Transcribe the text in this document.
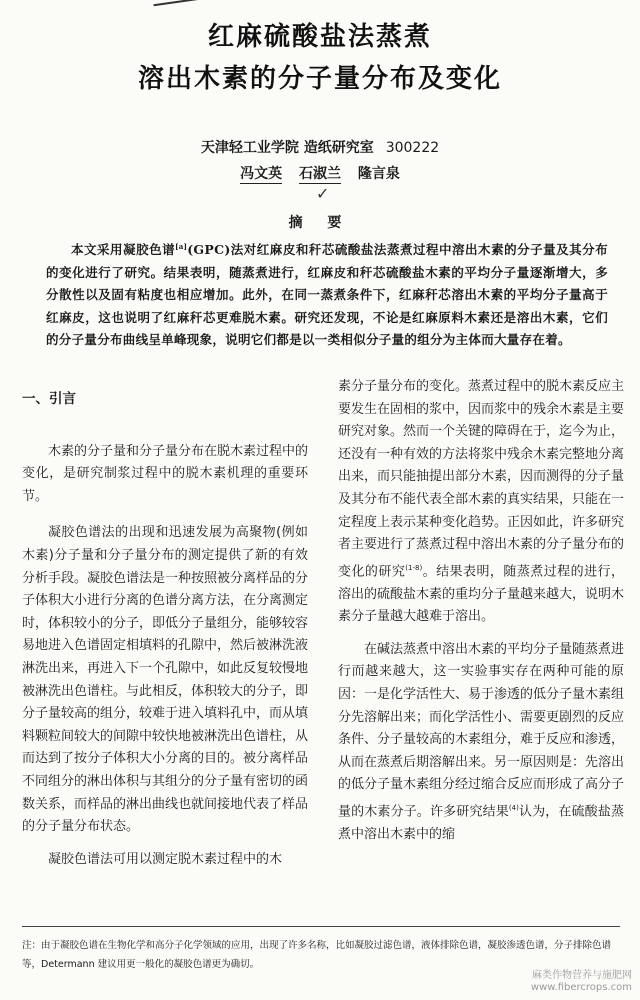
红麻硫酸盐法蒸煮
溶出木素的分子量分布及变化
天津轻工业学院 造纸研究室 300222
冯文英 石淑兰 隆言泉
✓
摘 要

本文采用凝胶色谱[a](GPC)法对红麻皮和秆芯硫酸盐法蒸煮过程中溶出木素的分子量及其分布的变化进行了研究。结果表明，随蒸煮进行，红麻皮和秆芯硫酸盐木素的平均分子量逐渐增大，多分散性以及固有粘度也相应增加。此外，在同一蒸煮条件下，红麻秆芯溶出木素的平均分子量高于红麻皮，这也说明了红麻秆芯更难脱木素。研究还发现，不论是红麻原料木素还是溶出木素，它们的分子量分布曲线呈单峰现象，说明它们都是以一类相似分子量的组分为主体而大量存在着。

一、引言

木素的分子量和分子量分布在脱木素过程中的变化，是研究制浆过程中的脱木素机理的重要环节。

凝胶色谱法的出现和迅速发展为高聚物(例如木素)分子量和分子量分布的测定提供了新的有效分析手段。凝胶色谱法是一种按照被分离样品的分子体积大小进行分离的色谱分离方法，在分离测定时，体积较小的分子，即低分子量组分，能够较容易地进入色谱固定相填料的孔隙中，然后被淋洗液淋洗出来，再进入下一个孔隙中，如此反复较慢地被淋洗出色谱柱。与此相反，体积较大的分子，即分子量较高的组分，较难于进入填料孔中，而从填料颗粒间较大的间隙中较快地被淋洗出色谱柱，从而达到了按分子体积大小分离的目的。被分离样品不同组分的淋出体积与其组分的分子量有密切的函数关系，而样品的淋出曲线也就间接地代表了样品的分子量分布状态。

凝胶色谱法可用以测定脱木素过程中的木

素分子量分布的变化。蒸煮过程中的脱木素反应主要发生在固相的浆中，因而浆中的残余木素是主要研究对象。然而一个关键的障碍在于，迄今为止，还没有一种有效的方法将浆中残余木素完整地分离出来，而只能抽提出部分木素，因而测得的分子量及其分布不能代表全部木素的真实结果，只能在一定程度上表示某种变化趋势。正因如此，许多研究者主要进行了蒸煮过程中溶出木素的分子量分布的变化的研究$^{(1-8)}$。结果表明，随蒸煮过程的进行，溶出的硫酸盐木素的重均分子量越来越大，说明木素分子量越大越难于溶出。

在碱法蒸煮中溶出木素的平均分子量随蒸煮进行而越来越大，这一实验事实存在两种可能的原因：一是化学活性大、易于渗透的低分子量木素组分先溶解出来；而化学活性小、需要更剧烈的反应条件、分子量较高的木素组分，难于反应和渗透，从而在蒸煮后期溶解出来。另一原因则是：先溶出的低分子量木素组分经过缩合反应而形成了高分子量的木素分子。许多研究结果$^{(4)}$认为，在硫酸盐蒸煮中溶出木素中的缩

注：由于凝胶色谱在生物化学和高分子化学领域的应用，出现了许多名称，比如凝胶过滤色谱，液体排除色谱，凝胶渗透色谱，分子排除色谱等，Determann 建议用更一般化的凝胶色谱更为确切。

麻类作物营养与施肥网
www.fibercrops.com
